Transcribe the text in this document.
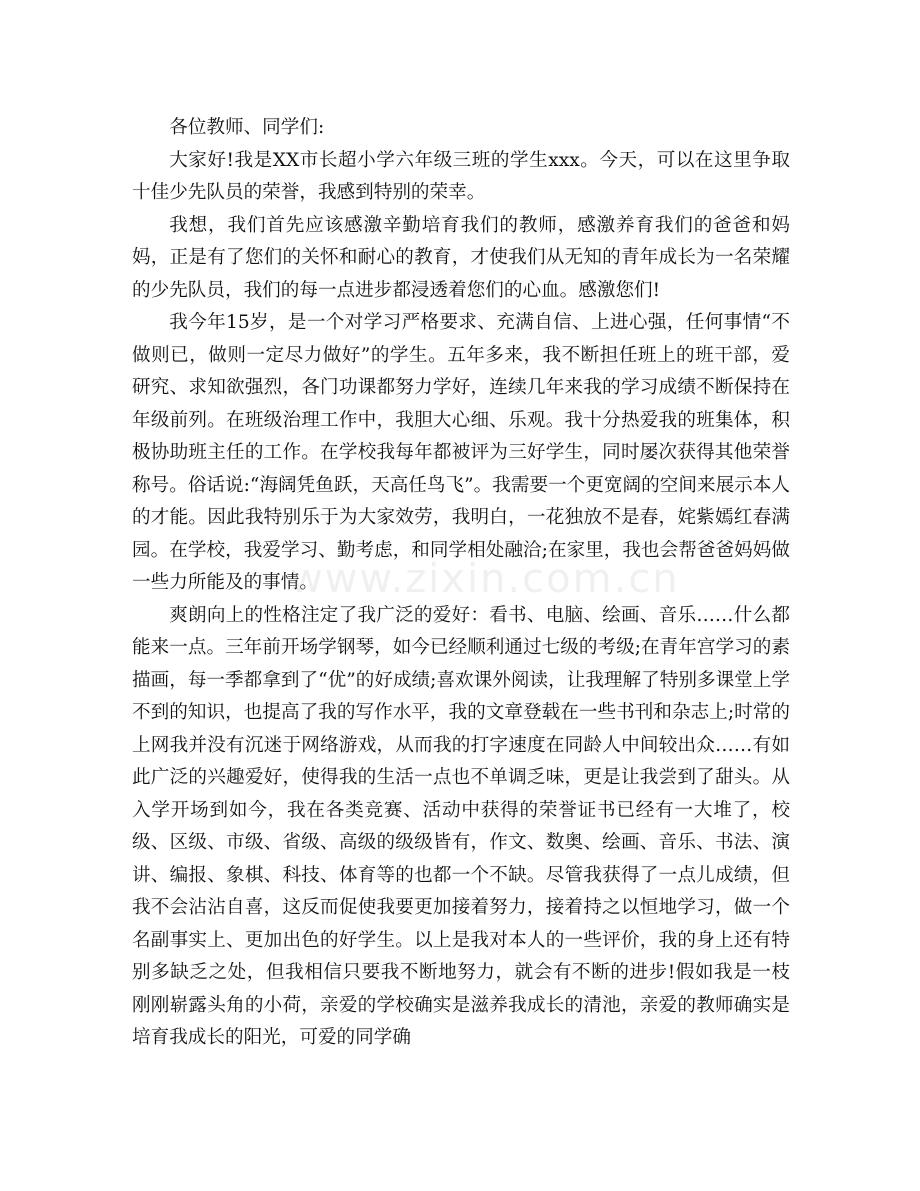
各位教师、同学们:

大家好!我是XX市长超小学六年级三班的学生xxx。今天，可以在这里争取十佳少先队员的荣誉，我感到特别的荣幸。

我想，我们首先应该感激辛勤培育我们的教师，感激养育我们的爸爸和妈妈，正是有了您们的关怀和耐心的教育，才使我们从无知的青年成长为一名荣耀的少先队员，我们的每一点进步都浸透着您们的心血。感激您们!

我今年15岁，是一个对学习严格要求、充满自信、上进心强，任何事情“不做则已，做则一定尽力做好”的学生。五年多来，我不断担任班上的班干部，爱研究、求知欲强烈，各门功课都努力学好，连续几年来我的学习成绩不断保持在年级前列。在班级治理工作中，我胆大心细、乐观。我十分热爱我的班集体，积极协助班主任的工作。在学校我每年都被评为三好学生，同时屡次获得其他荣誉称号。俗话说:“海阔凭鱼跃，天高任鸟飞”。我需要一个更宽阔的空间来展示本人的才能。因此我特别乐于为大家效劳，我明白，一花独放不是春，姹紫嫣红春满园。在学校，我爱学习、勤考虑，和同学相处融洽;在家里，我也会帮爸爸妈妈做一些力所能及的事情。

爽朗向上的性格注定了我广泛的爱好：看书、电脑、绘画、音乐……什么都能来一点。三年前开场学钢琴，如今已经顺利通过七级的考级;在青年宫学习的素描画，每一季都拿到了“优”的好成绩;喜欢课外阅读，让我理解了特别多课堂上学不到的知识，也提高了我的写作水平，我的文章登载在一些书刊和杂志上;时常的上网我并没有沉迷于网络游戏，从而我的打字速度在同龄人中间较出众……有如此广泛的兴趣爱好，使得我的生活一点也不单调乏味，更是让我尝到了甜头。从入学开场到如今，我在各类竞赛、活动中获得的荣誉证书已经有一大堆了，校级、区级、市级、省级、高级的级级皆有，作文、数奥、绘画、音乐、书法、演讲、编报、象棋、科技、体育等的也都一个不缺。尽管我获得了一点儿成绩，但我不会沾沾自喜，这反而促使我要更加接着努力，接着持之以恒地学习，做一个名副事实上、更加出色的好学生。以上是我对本人的一些评价，我的身上还有特别多缺乏之处，但我相信只要我不断地努力，就会有不断的进步!假如我是一枝刚刚崭露头角的小荷，亲爱的学校确实是滋养我成长的清池，亲爱的教师确实是培育我成长的阳光，可爱的同学确

www.zixin.com.cn
